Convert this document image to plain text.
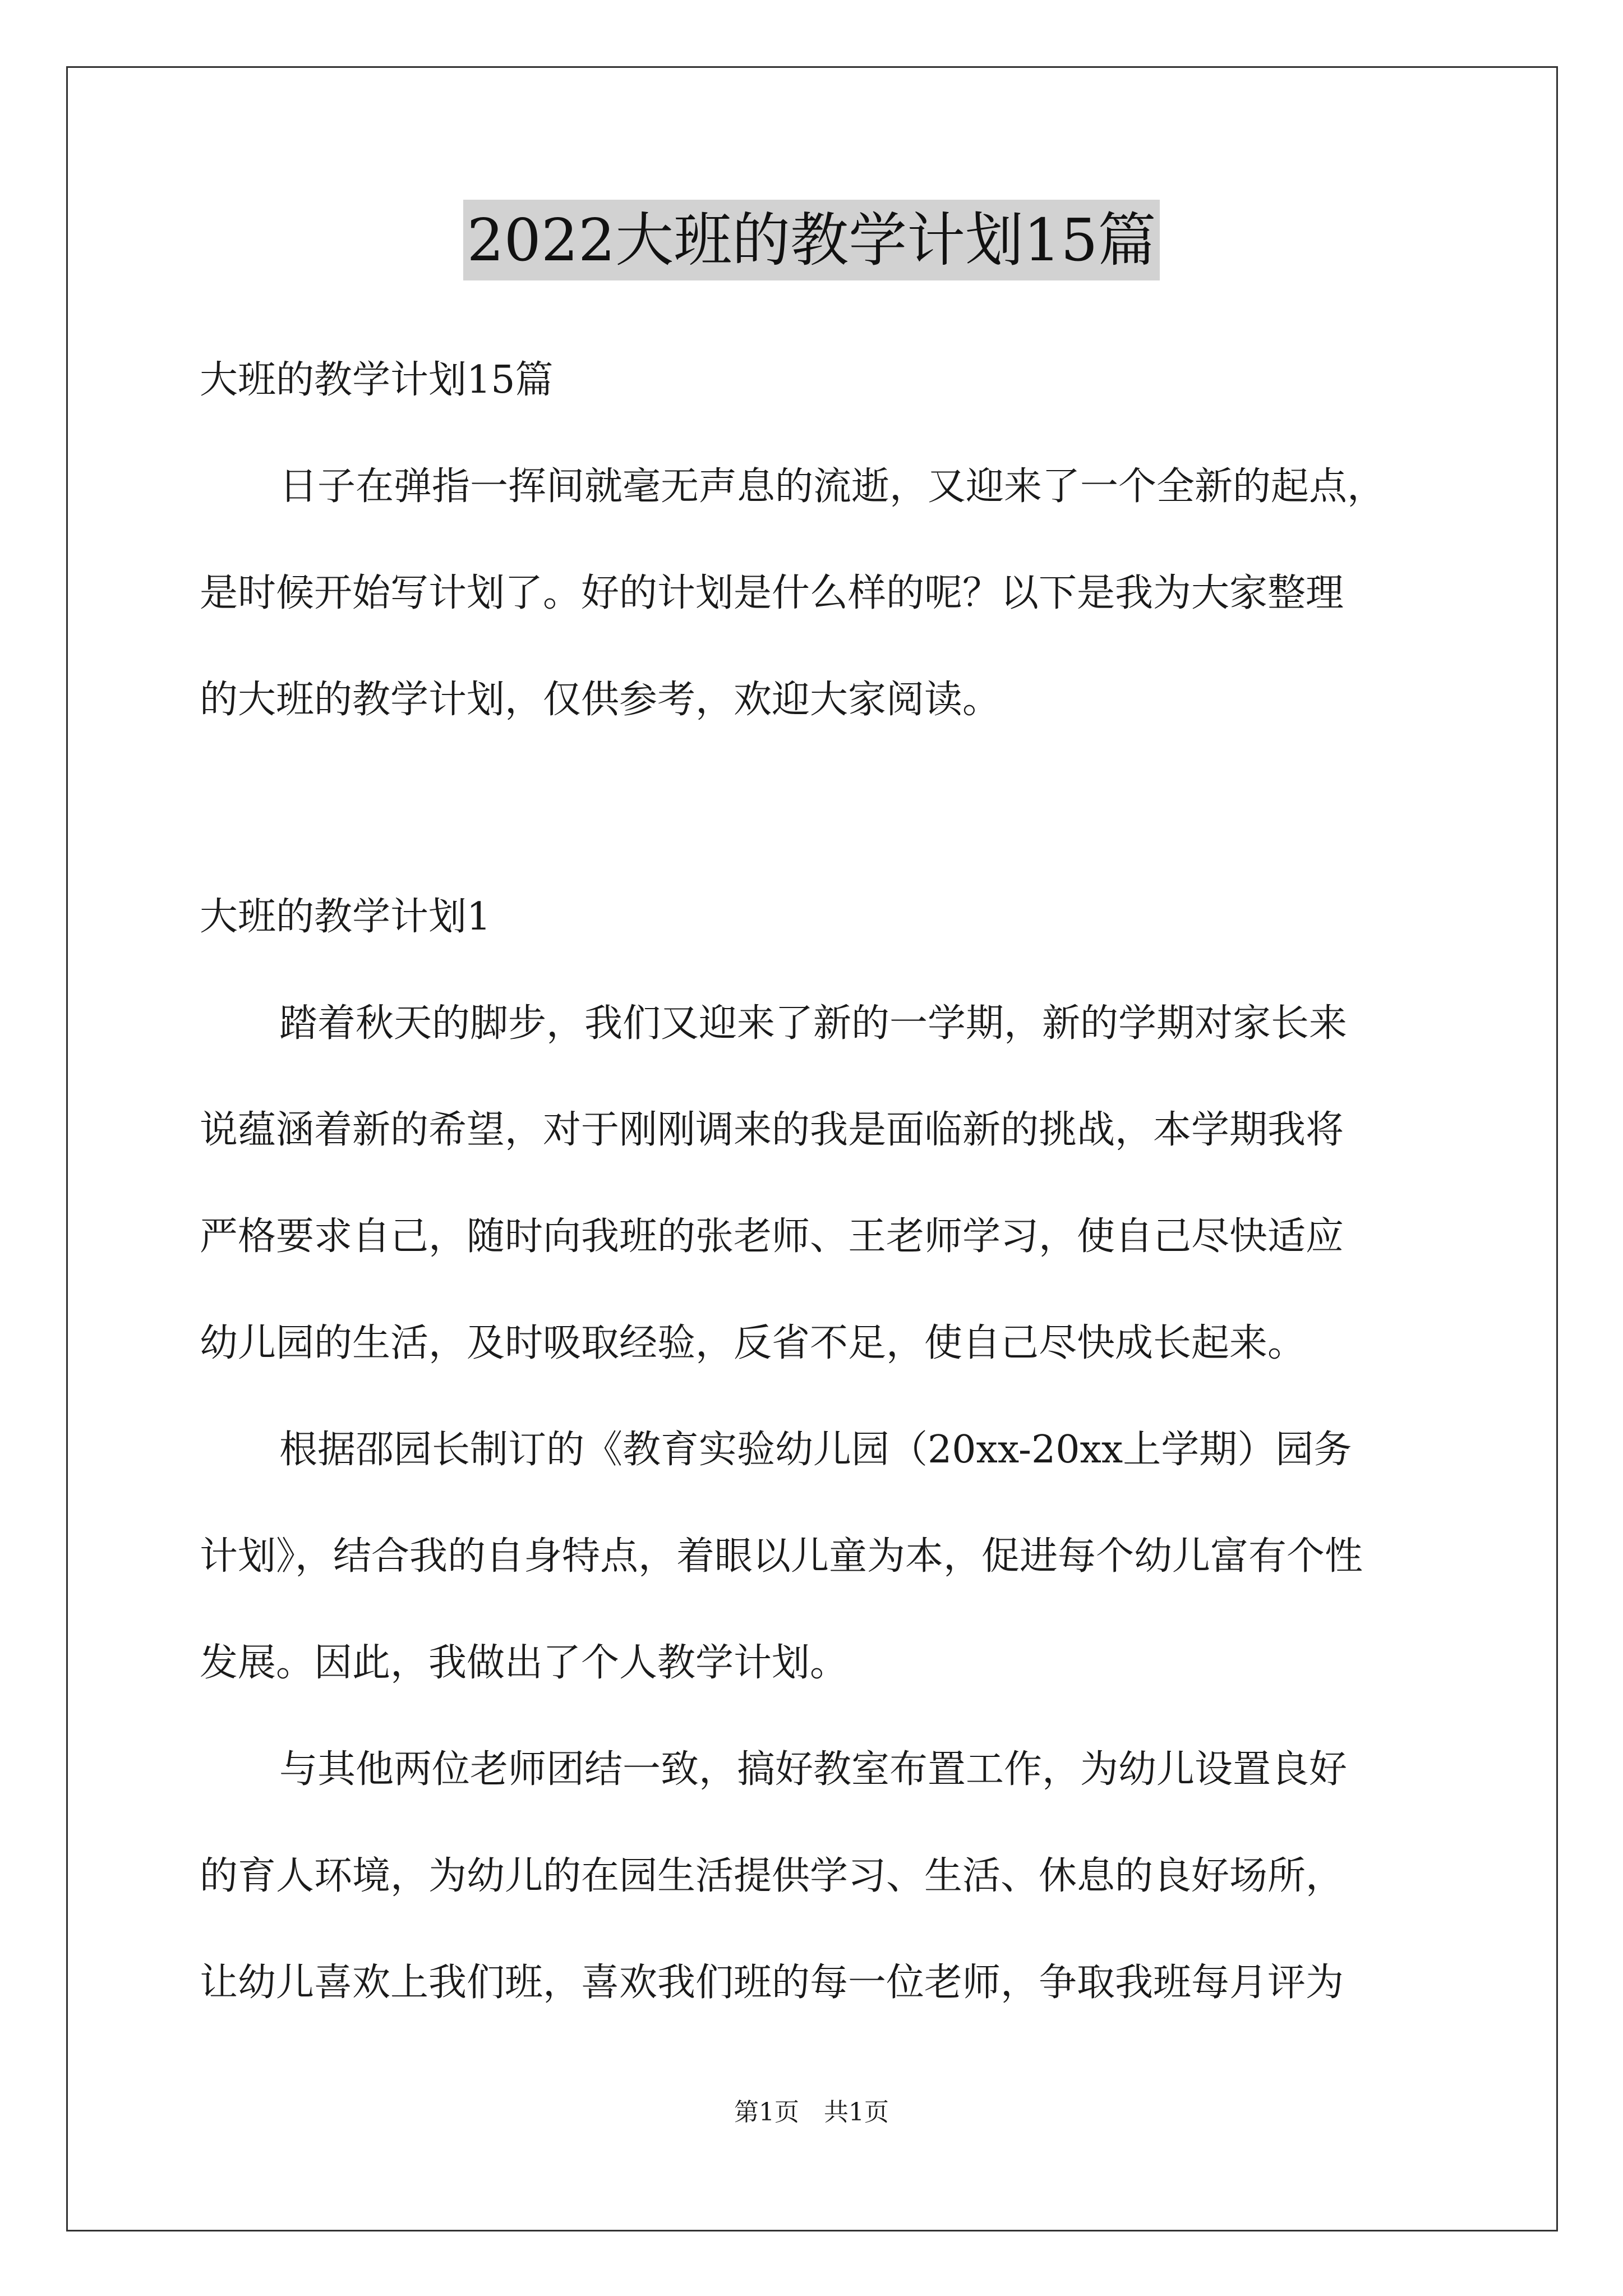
2022大班的教学计划15篇
大班的教学计划15篇
日子在弹指一挥间就毫无声息的流逝，又迎来了一个全新的起点，
是时候开始写计划了。好的计划是什么样的呢？以下是我为大家整理
的大班的教学计划，仅供参考，欢迎大家阅读。
大班的教学计划1
踏着秋天的脚步，我们又迎来了新的一学期，新的学期对家长来
说蕴涵着新的希望，对于刚刚调来的我是面临新的挑战，本学期我将
严格要求自己，随时向我班的张老师、王老师学习，使自己尽快适应
幼儿园的生活，及时吸取经验，反省不足，使自己尽快成长起来。
根据邵园长制订的《教育实验幼儿园（20xx-20xx上学期）园务
计划》，结合我的自身特点，着眼以儿童为本，促进每个幼儿富有个性
发展。因此，我做出了个人教学计划。
与其他两位老师团结一致，搞好教室布置工作，为幼儿设置良好
的育人环境，为幼儿的在园生活提供学习、生活、休息的良好场所，
让幼儿喜欢上我们班，喜欢我们班的每一位老师，争取我班每月评为
第1页　共1页
